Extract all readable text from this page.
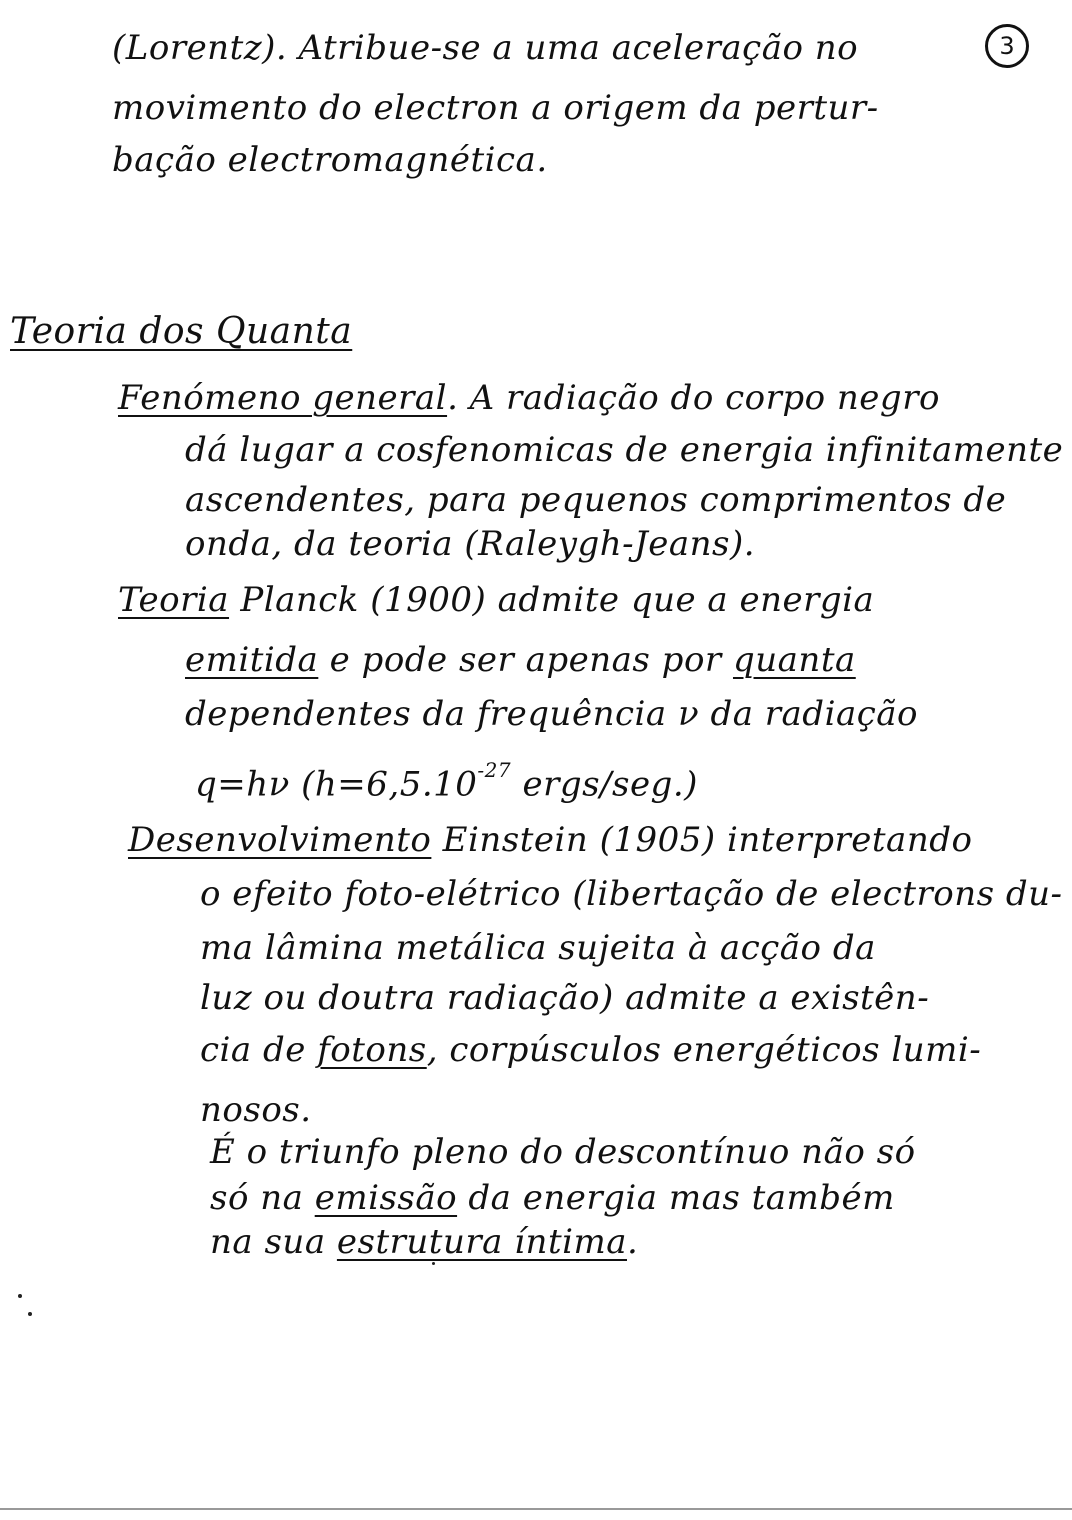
3
(Lorentz). Atribue-se a uma aceleração no
movimento do electron a origem da pertur-
bação electromagnética.
Teoria dos Quanta
Fenómeno general. A radiação do corpo negro
dá lugar a cosfenomicas de energia infinitamente
ascendentes, para pequenos comprimentos de
onda, da teoria (Raleygh-Jeans).
Teoria Planck (1900) admite que a energia
emitida e pode ser apenas por quanta
dependentes da frequência ν da radiação
q=hν ($h=6,5.10^{-27}$ ergs/seg.)
Desenvolvimento Einstein (1905) interpretando
o efeito foto-elétrico (libertação de electrons du-
ma lâmina metálica sujeita à acção da
luz ou doutra radiação) admite a existên-
cia de fotons, corpúsculos energéticos lumi-
nosos.
É o triunfo pleno do descontínuo não só
só na emissão da energia mas também
na sua estrutura íntima.
